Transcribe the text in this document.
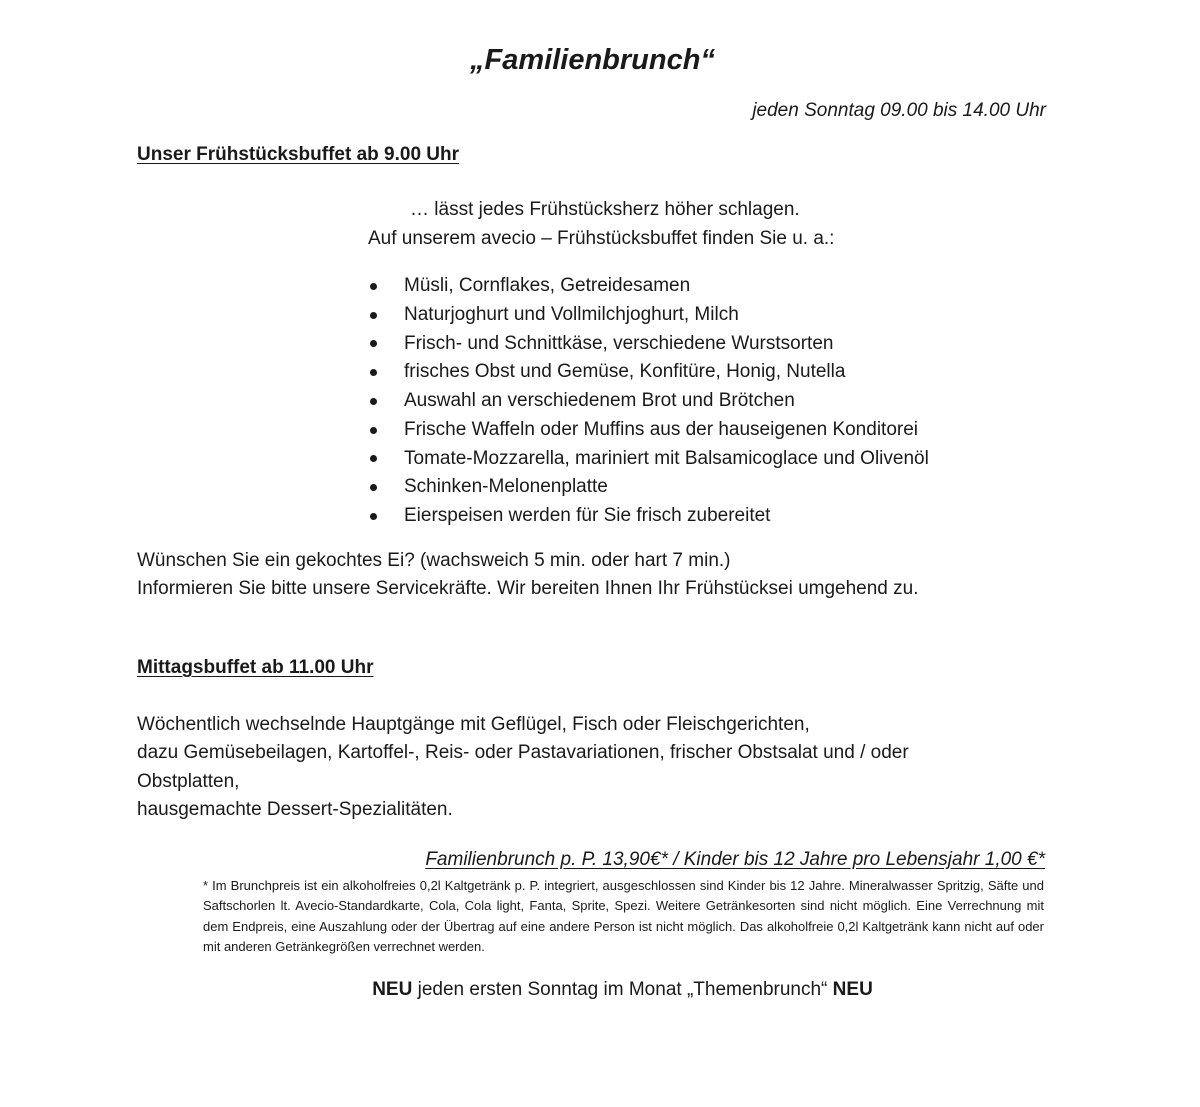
„Familienbrunch“
jeden Sonntag 09.00 bis 14.00 Uhr
Unser Frühstücksbuffet ab 9.00 Uhr
… lässt jedes Frühstücksherz höher schlagen.
Auf unserem avecio – Frühstücksbuffet finden Sie u. a.:
Müsli, Cornflakes, Getreidesamen
Naturjoghurt und Vollmilchjoghurt, Milch
Frisch- und Schnittkäse, verschiedene Wurstsorten
frisches Obst und Gemüse, Konfitüre, Honig, Nutella
Auswahl an verschiedenem Brot und Brötchen
Frische Waffeln oder Muffins aus der hauseigenen Konditorei
Tomate-Mozzarella, mariniert mit Balsamicoglace und Olivenöl
Schinken-Melonenplatte
Eierspeisen werden für Sie frisch zubereitet

Wünschen Sie ein gekochtes Ei? (wachsweich 5 min. oder hart 7 min.)

Informieren Sie bitte unsere Servicekräfte. Wir bereiten Ihnen Ihr Frühstücksei umgehend zu.

Mittagsbuffet ab 11.00 Uhr

Wöchentlich wechselnde Hauptgänge mit Geflügel, Fisch oder Fleischgerichten,

dazu Gemüsebeilagen, Kartoffel-, Reis- oder Pastavariationen, frischer Obstsalat und / oder

Obstplatten,

hausgemachte Dessert-Spezialitäten.

Familienbrunch p. P. 13,90€* / Kinder bis 12 Jahre pro Lebensjahr 1,00 €*
* Im Brunchpreis ist ein alkoholfreies 0,2l Kaltgetränk p. P. integriert, ausgeschlossen sind Kinder bis 12 Jahre. Mineralwasser Spritzig, Säfte und Saftschorlen lt. Avecio-Standardkarte, Cola, Cola light, Fanta, Sprite, Spezi. Weitere Getränkesorten sind nicht möglich. Eine Verrechnung mit dem Endpreis, eine Auszahlung oder der Übertrag auf eine andere Person ist nicht möglich. Das alkoholfreie 0,2l Kaltgetränk kann nicht auf oder mit anderen Getränkegrößen verrechnet werden.
NEU jeden ersten Sonntag im Monat „Themenbrunch“ NEU
